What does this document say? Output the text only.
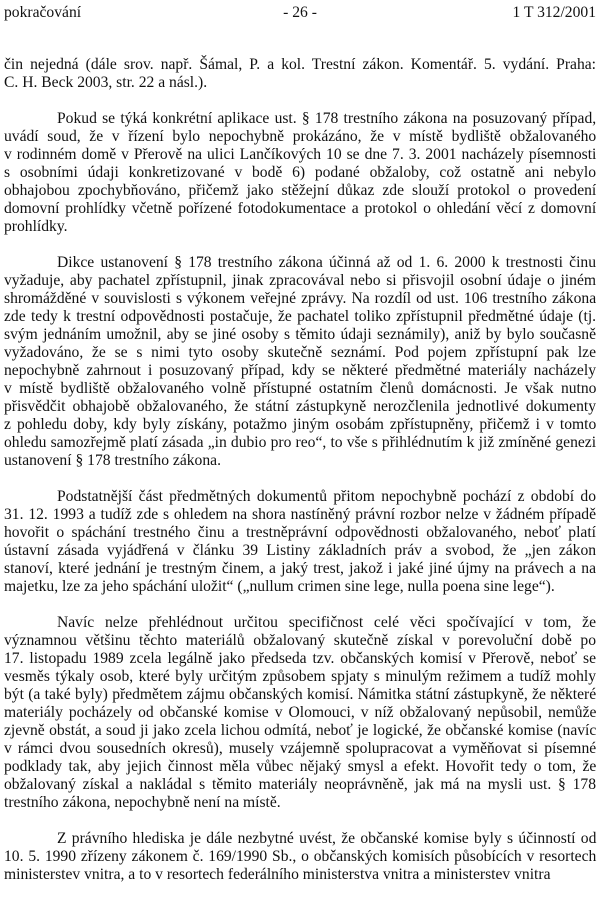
pokračování	- 26 -	1 T 312/2001
čin nejedná (dále srov. např. Šámal, P. a kol. Trestní zákon. Komentář. 5. vydání. Praha:
C. H. Beck 2003, str. 22 a násl.).
Pokud se týká konkrétní aplikace ust. § 178 trestního zákona na posuzovaný případ,
uvádí soud, že v řízení bylo nepochybně prokázáno, že v místě bydliště obžalovaného
v rodinném domě v Přerově na ulici Lančíkových 10 se dne 7. 3. 2001 nacházely písemnosti
s osobními údaji konkretizované v bodě 6) podané obžaloby, což ostatně ani nebylo
obhajobou zpochybňováno, přičemž jako stěžejní důkaz zde slouží protokol o provedení
domovní prohlídky včetně pořízené fotodokumentace a protokol o ohledání věcí z domovní
prohlídky.
Dikce ustanovení § 178 trestního zákona účinná až od 1. 6. 2000 k trestnosti činu
vyžaduje, aby pachatel zpřístupnil, jinak zpracovával nebo si přisvojil osobní údaje o jiném
shromážděné v souvislosti s výkonem veřejné zprávy. Na rozdíl od ust. 106 trestního zákona
zde tedy k trestní odpovědnosti postačuje, že pachatel toliko zpřístupnil předmětné údaje (tj.
svým jednáním umožnil, aby se jiné osoby s těmito údaji seznámily), aniž by bylo současně
vyžadováno, že se s nimi tyto osoby skutečně seznámí. Pod pojem zpřístupní pak lze
nepochybně zahrnout i posuzovaný případ, kdy se některé předmětné materiály nacházely
v místě bydliště obžalovaného volně přístupné ostatním členů domácnosti. Je však nutno
přisvědčit obhajobě obžalovaného, že státní zástupkyně nerozčlenila jednotlivé dokumenty
z pohledu doby, kdy byly získány, potažmo jiným osobám zpřístupněny, přičemž i v tomto
ohledu samozřejmě platí zásada „in dubio pro reo“, to vše s přihlédnutím k již zmíněné genezi
ustanovení § 178 trestního zákona.
Podstatnější část předmětných dokumentů přitom nepochybně pochází z období do
31. 12. 1993 a tudíž zde s ohledem na shora nastíněný právní rozbor nelze v žádném případě
hovořit o spáchání trestného činu a trestněprávní odpovědnosti obžalovaného, neboť platí
ústavní zásada vyjádřená v článku 39 Listiny základních práv a svobod, že „jen zákon
stanoví, které jednání je trestným činem, a jaký trest, jakož i jaké jiné újmy na právech a na
majetku, lze za jeho spáchání uložit“ („nullum crimen sine lege, nulla poena sine lege“).
Navíc nelze přehlédnout určitou specifičnost celé věci spočívající v tom, že
významnou většinu těchto materiálů obžalovaný skutečně získal v porevoluční době po
17. listopadu 1989 zcela legálně jako předseda tzv. občanských komisí v Přerově, neboť se
vesměs týkaly osob, které byly určitým způsobem spjaty s minulým režimem a tudíž mohly
být (a také byly) předmětem zájmu občanských komisí. Námitka státní zástupkyně, že některé
materiály pocházely od občanské komise v Olomouci, v níž obžalovaný nepůsobil, nemůže
zjevně obstát, a soud ji jako zcela lichou odmítá, neboť je logické, že občanské komise (navíc
v rámci dvou sousedních okresů), musely vzájemně spolupracovat a vyměňovat si písemné
podklady tak, aby jejich činnost měla vůbec nějaký smysl a efekt. Hovořit tedy o tom, že
obžalovaný získal a nakládal s těmito materiály neoprávněně, jak má na mysli ust. § 178
trestního zákona, nepochybně není na místě.
Z právního hlediska je dále nezbytné uvést, že občanské komise byly s účinností od
10. 5. 1990 zřízeny zákonem č. 169/1990 Sb., o občanských komisích působících v resortech
ministerstev vnitra, a to v resortech federálního ministerstva vnitra a ministerstev vnitra
